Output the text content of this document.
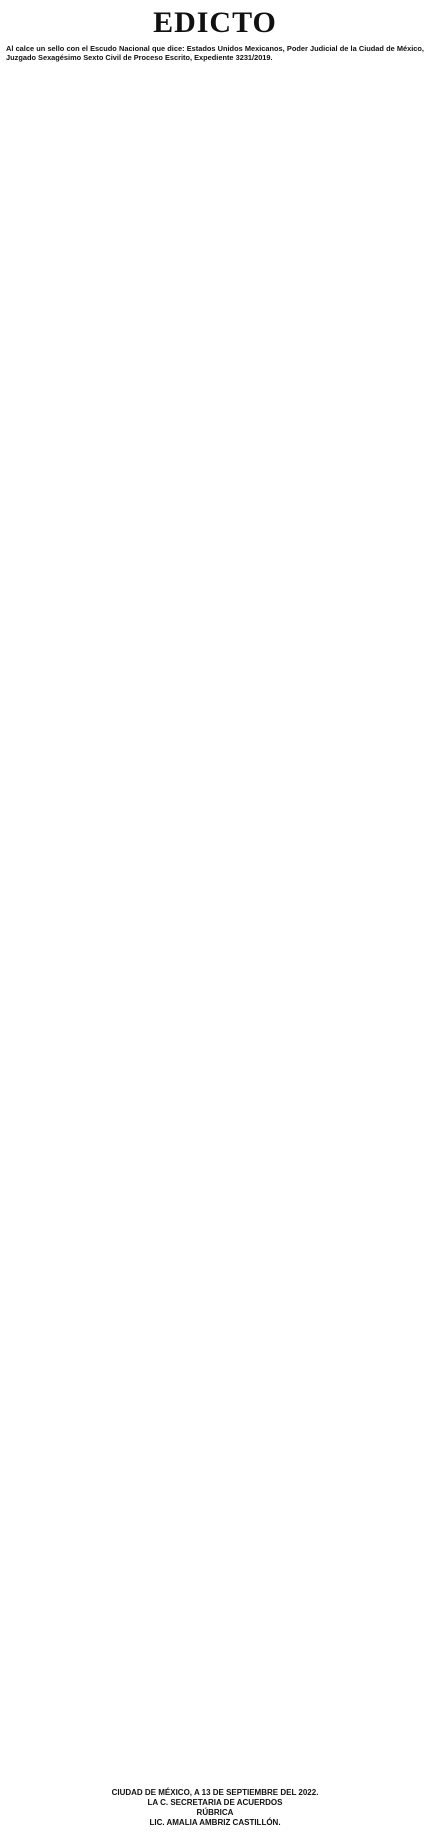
EDICTO

Al calce un sello con el Escudo Nacional que dice: Estados Unidos Mexicanos, Poder Judicial de la Ciudad de México, Juzgado Sexagésimo Sexto Civil de Proceso Escrito, Expediente 3231/2019.

CIUDAD DE MÉXICO, A 13 DE SEPTIEMBRE DEL 2022.
LA C. SECRETARIA DE ACUERDOS
RÚBRICA
LIC. AMALIA AMBRIZ CASTILLÓN.
